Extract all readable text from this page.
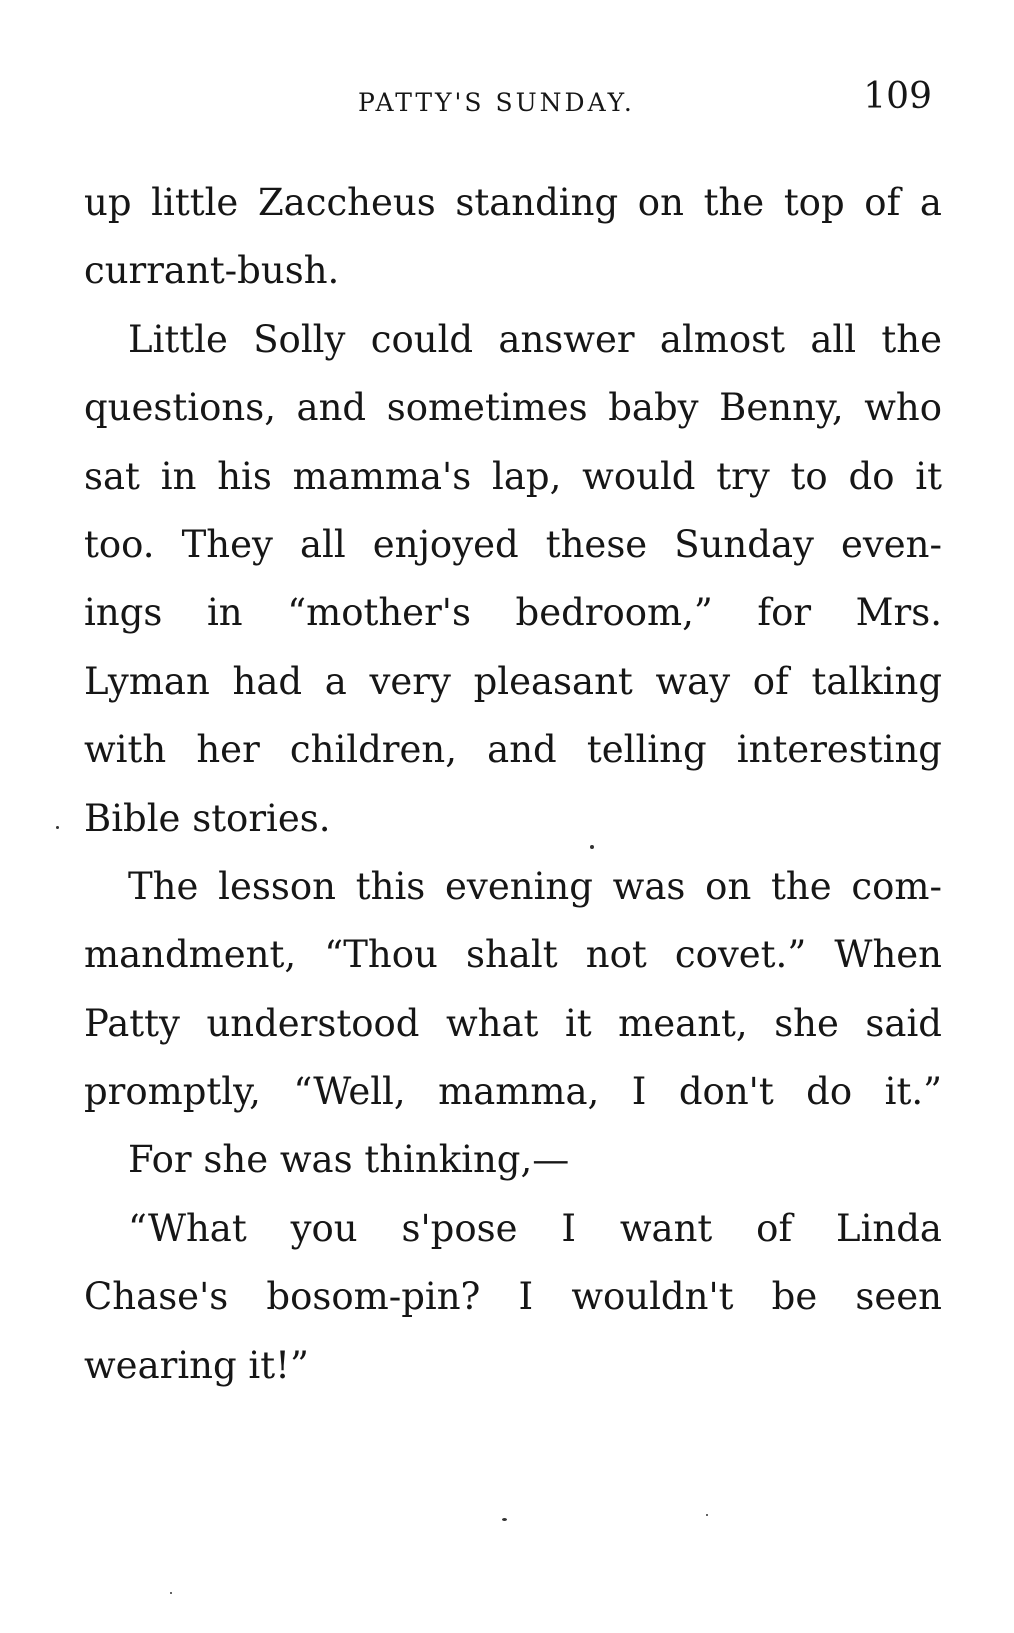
PATTY'S SUNDAY.	109
up little Zaccheus standing on the top of a
currant-bush.
Little Solly could answer almost all the
questions, and sometimes baby Benny, who
sat in his mamma's lap, would try to do it
too. They all enjoyed these Sunday even-
ings in “mother's bedroom,” for Mrs.
Lyman had a very pleasant way of talking
with her children, and telling interesting
Bible stories.
The lesson this evening was on the com-
mandment, “Thou shalt not covet.” When
Patty understood what it meant, she said
promptly, “Well, mamma, I don't do it.”
For she was thinking,—
“What you s'pose I want of Linda
Chase's bosom-pin? I wouldn't be seen
wearing it!”
